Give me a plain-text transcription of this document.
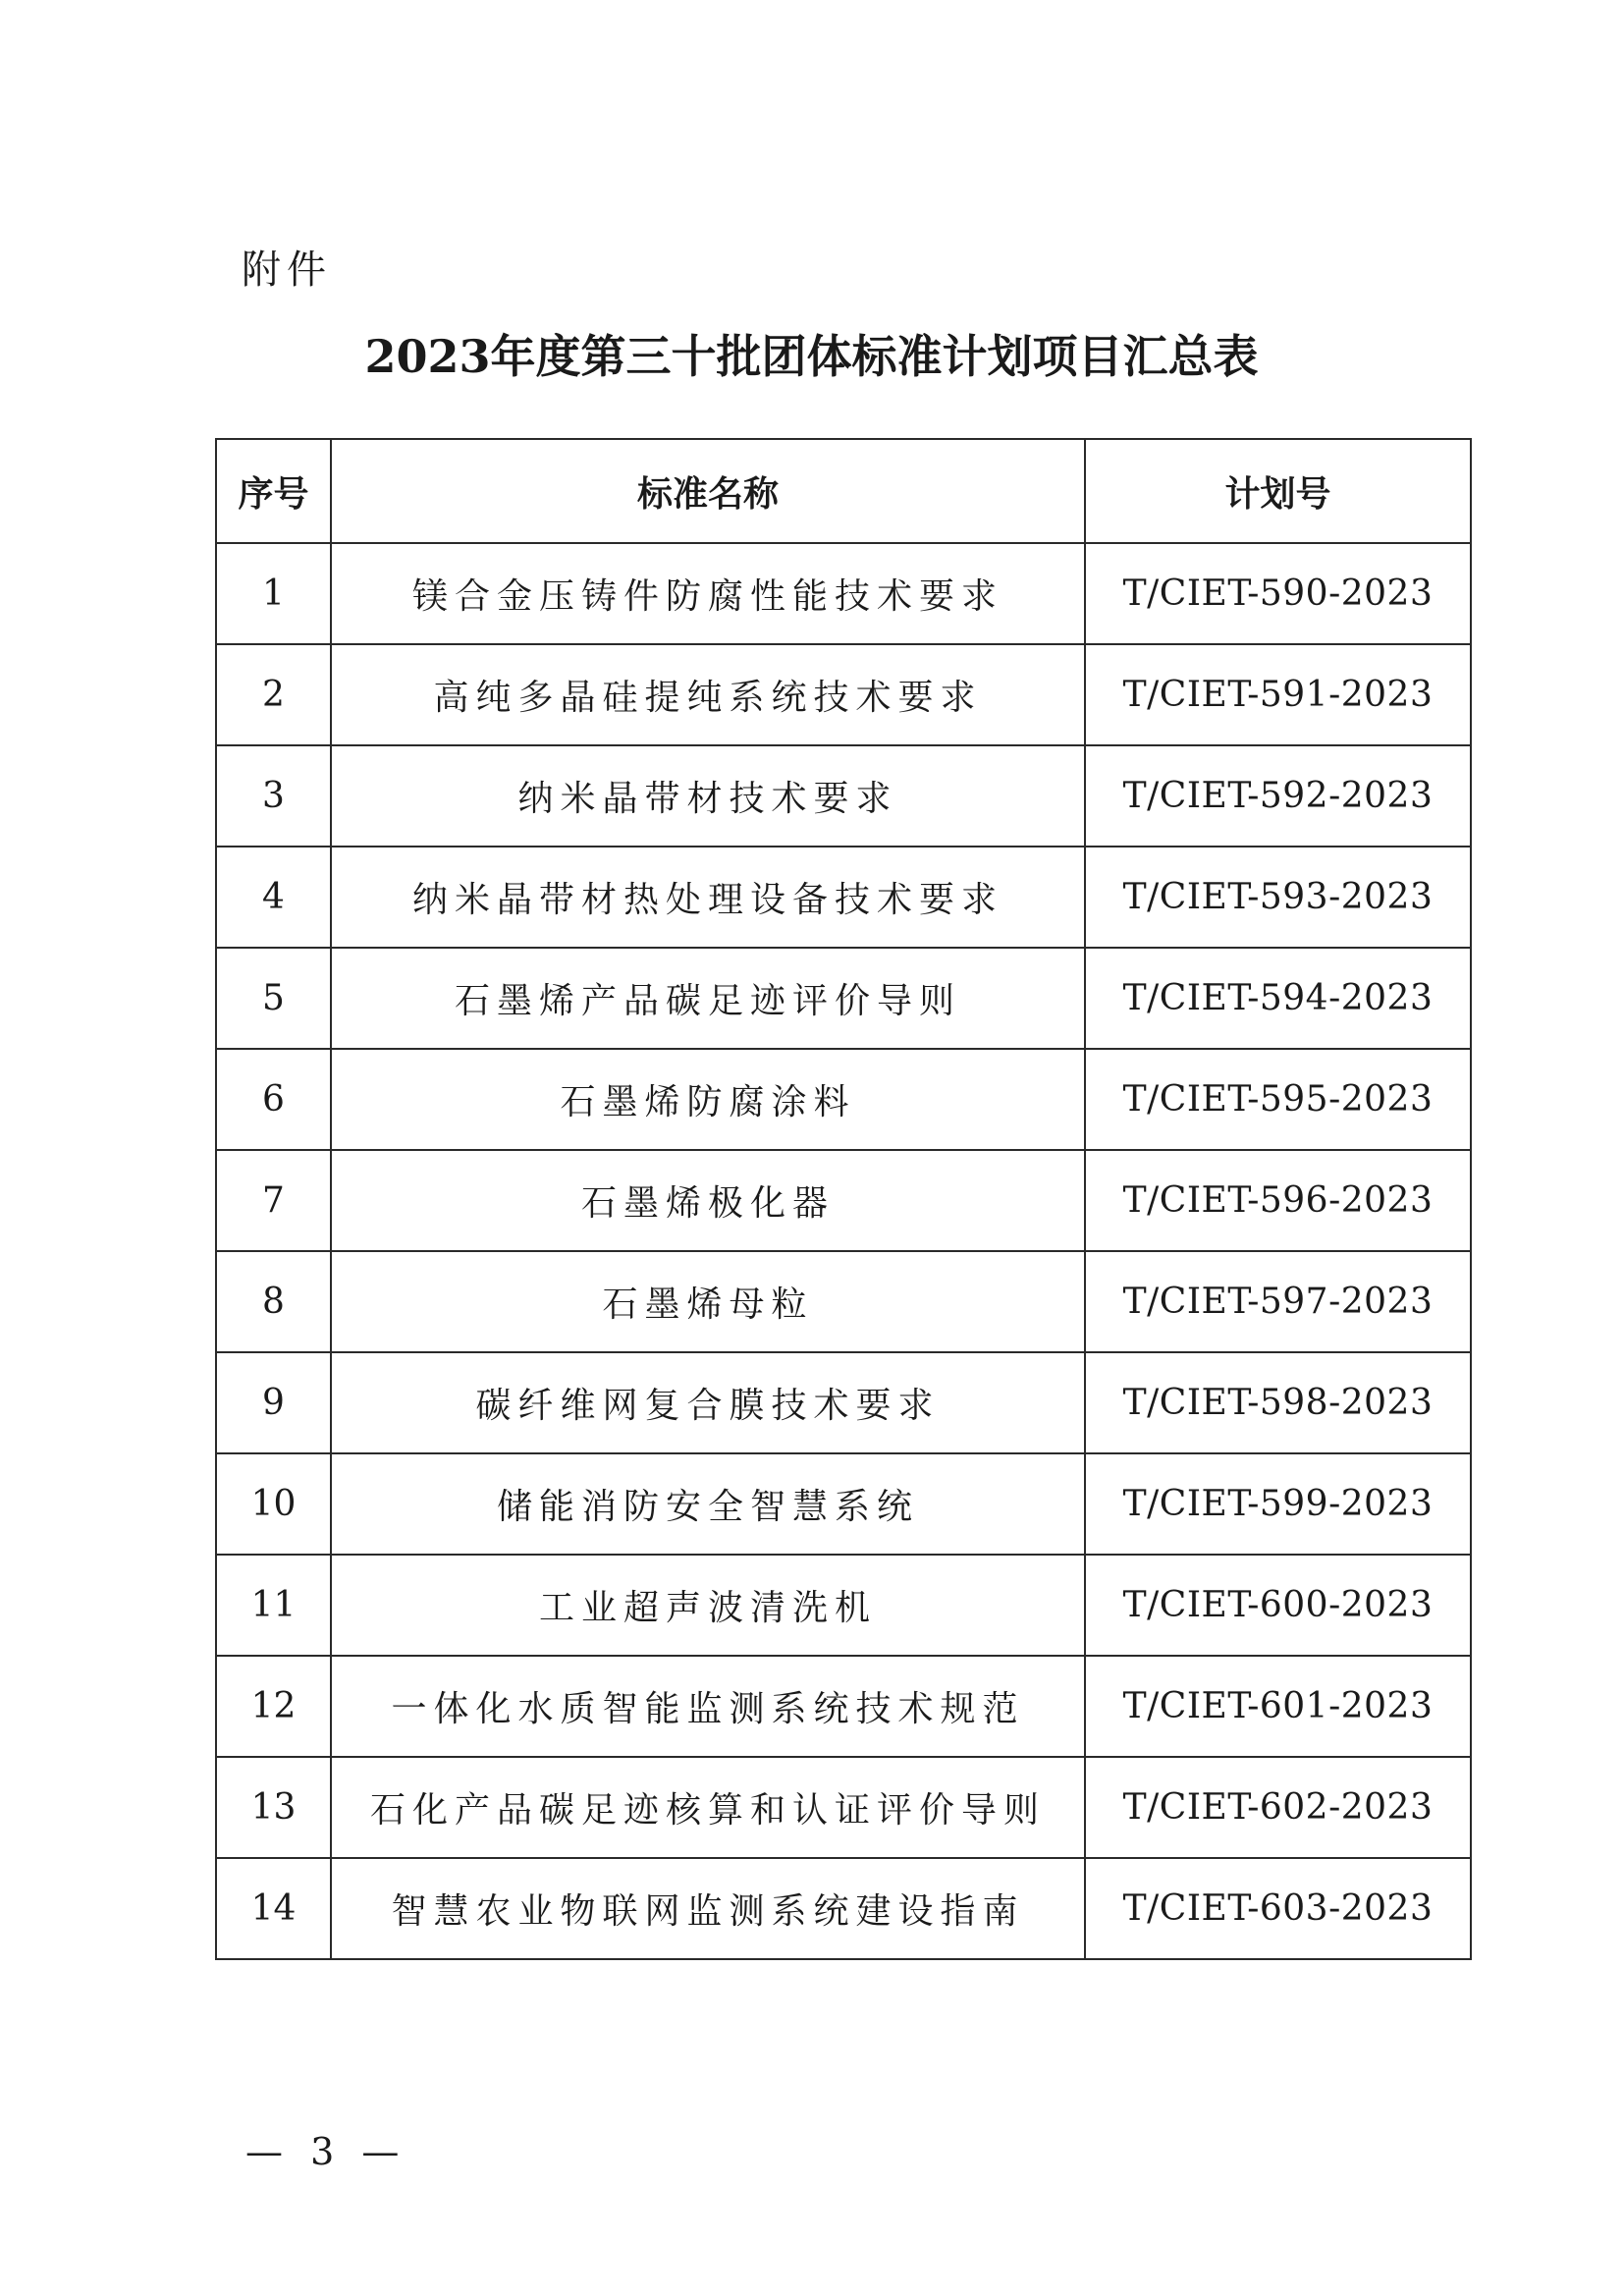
附件
2023年度第三十批团体标准计划项目汇总表
序号	标准名称	计划号
1	镁合金压铸件防腐性能技术要求	T/CIET-590-2023
2	高纯多晶硅提纯系统技术要求	T/CIET-591-2023
3	纳米晶带材技术要求	T/CIET-592-2023
4	纳米晶带材热处理设备技术要求	T/CIET-593-2023
5	石墨烯产品碳足迹评价导则	T/CIET-594-2023
6	石墨烯防腐涂料	T/CIET-595-2023
7	石墨烯极化器	T/CIET-596-2023
8	石墨烯母粒	T/CIET-597-2023
9	碳纤维网复合膜技术要求	T/CIET-598-2023
10	储能消防安全智慧系统	T/CIET-599-2023
11	工业超声波清洗机	T/CIET-600-2023
12	一体化水质智能监测系统技术规范	T/CIET-601-2023
13	石化产品碳足迹核算和认证评价导则	T/CIET-602-2023
14	智慧农业物联网监测系统建设指南	T/CIET-603-2023
— 3 —
